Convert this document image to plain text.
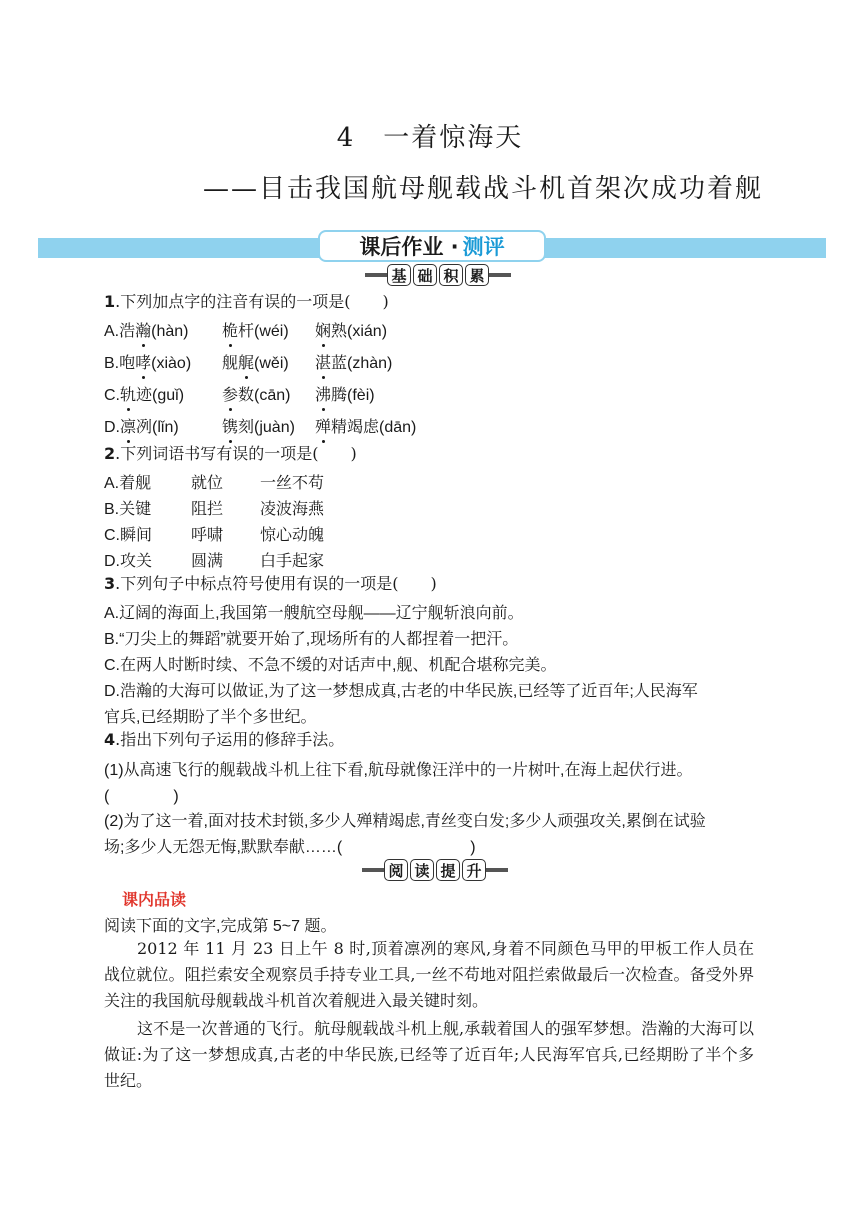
4　一着惊海天
——目击我国航母舰载战斗机首架次成功着舰
课后作业 · 测评
基 础 积 累
1.下列加点字的注音有误的一项是(　　)
A.浩瀚(hàn) 桅杆(wéi) 娴熟(xián)
B.咆哮(xiào) 舰艉(wěi) 湛蓝(zhàn)
C.轨迹(guǐ) 参数(cān) 沸腾(fèi)
D.凛冽(lǐn)	镌刻(juàn) 殚精竭虑(dān)
2.下列词语书写有误的一项是(　　)
A.着舰 就位 一丝不苟
B.关键 阻拦 凌波海燕
C.瞬间 呼啸 惊心动魄
D.攻关 圆满 白手起家
3.下列句子中标点符号使用有误的一项是(　　)
A.辽阔的海面上,我国第一艘航空母舰——辽宁舰斩浪向前。
B.“刀尖上的舞蹈”就要开始了,现场所有的人都捏着一把汗。
C.在两人时断时续、不急不缓的对话声中,舰、机配合堪称完美。
D.浩瀚的大海可以做证,为了这一梦想成真,古老的中华民族,已经等了近百年;人民海军
官兵,已经期盼了半个多世纪。
4.指出下列句子运用的修辞手法。
(1)从高速飞行的舰载战斗机上往下看,航母就像汪洋中的一片树叶,在海上起伏行进。
(　　　　)
(2)为了这一着,面对技术封锁,多少人殚精竭虑,青丝变白发;多少人顽强攻关,累倒在试验
场;多少人无怨无悔,默默奉献……(　　　　　　　　)
阅 读 提 升
课内品读
阅读下面的文字,完成第 5~7 题。
2012 年 11 月 23 日上午 8 时,顶着凛冽的寒风,身着不同颜色马甲的甲板工作人员在战位就位。阻拦索安全观察员手持专业工具,一丝不苟地对阻拦索做最后一次检查。备受外界关注的我国航母舰载战斗机首次着舰进入最关键时刻。
这不是一次普通的飞行。航母舰载战斗机上舰,承载着国人的强军梦想。浩瀚的大海可以做证:为了这一梦想成真,古老的中华民族,已经等了近百年;人民海军官兵,已经期盼了半个多世纪。
